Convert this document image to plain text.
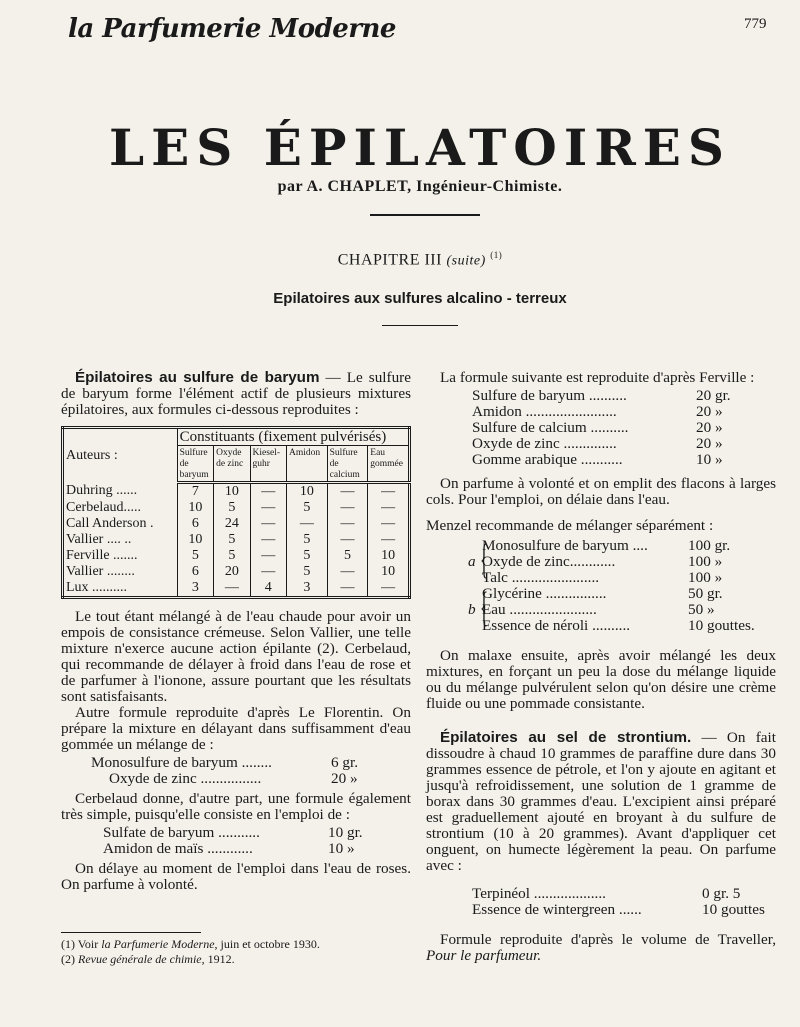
la Parfumerie Moderne	779
LES ÉPILATOIRES
par A. CHAPLET, Ingénieur-Chimiste.
CHAPITRE III (suite) $^{(1)}$
Epilatoires aux sulfures alcalino - terreux

Épilatoires au sulfure de baryum — Le sulfure de baryum forme l'élément actif de plusieurs mixtures épilatoires, aux formules ci-dessous reproduites :

Auteurs :	Constituants (fixement pulvérisés)					
	Sulfure de baryum	Oxyde de zinc	Kiesel-guhr	Amidon	Sulfure de calcium	Eau gommée
Duhring ......	7	10	—	10	—	—
Cerbelaud.....	10	5	—	5	—	—
Call Anderson .	6	24	—	—	—	—
Vallier .... ..	10	5	—	5	—	—
Ferville .......	5	5	—	5	5	10
Vallier ........	6	20	—	5	—	10
Lux ..........	3	—	4	3	—	—

Le tout étant mélangé à de l'eau chaude pour avoir un empois de consistance crémeuse. Selon Vallier, une telle mixture n'exerce aucune action épilante (2). Cerbelaud, qui recommande de délayer à froid dans l'eau de rose et de parfumer à l'ionone, assure pourtant que les résultats sont satisfaisants.

Autre formule reproduite d'après Le Florentin. On prépare la mixture en délayant dans suffisamment d'eau gommée un mélange de :

Monosulfure de baryum ........	6 gr.
Oxyde de zinc ................	20 »

Cerbelaud donne, d'autre part, une formule également très simple, puisqu'elle consiste en l'emploi de :

Sulfate de baryum ...........	10 gr.
Amidon de maïs ............	10 »

On délaye au moment de l'emploi dans l'eau de roses. On parfume à volonté.

(1) Voir la Parfumerie Moderne, juin et octobre 1930.
(2) Revue générale de chimie, 1912.

La formule suivante est reproduite d'après Ferville :

Sulfure de baryum ..........	20 gr.
Amidon ........................	20 »
Sulfure de calcium ..........	20 »
Oxyde de zinc ..............	20 »
Gomme arabique ...........	10 »

On parfume à volonté et on emplit des flacons à larges cols. Pour l'emploi, on délaie dans l'eau.

Menzel recommande de mélanger séparément :

a {
Monosulfure de baryum ....	100 gr.
Oxyde de zinc............	100 »
Talc .......................	100 »
b {
Glycérine ................	50 gr.
Eau .......................	50 »
Essence de néroli ..........	10 gouttes.

On malaxe ensuite, après avoir mélangé les deux mixtures, en forçant un peu la dose du mélange liquide ou du mélange pulvérulent selon qu'on désire une crème fluide ou une pommade consistante.

Épilatoires au sel de strontium. — On fait dissoudre à chaud 10 grammes de paraffine dure dans 30 grammes essence de pétrole, et l'on y ajoute en agitant et jusqu'à refroidissement, une solution de 1 gramme de borax dans 30 grammes d'eau. L'excipient ainsi préparé est graduellement ajouté en broyant à du sulfure de strontium (10 à 20 grammes). Avant d'appliquer cet onguent, on humecte légèrement la peau. On parfume avec :

Terpinéol ...................	0 gr. 5
Essence de wintergreen ......	10 gouttes

Formule reproduite d'après le volume de Traveller, Pour le parfumeur.
